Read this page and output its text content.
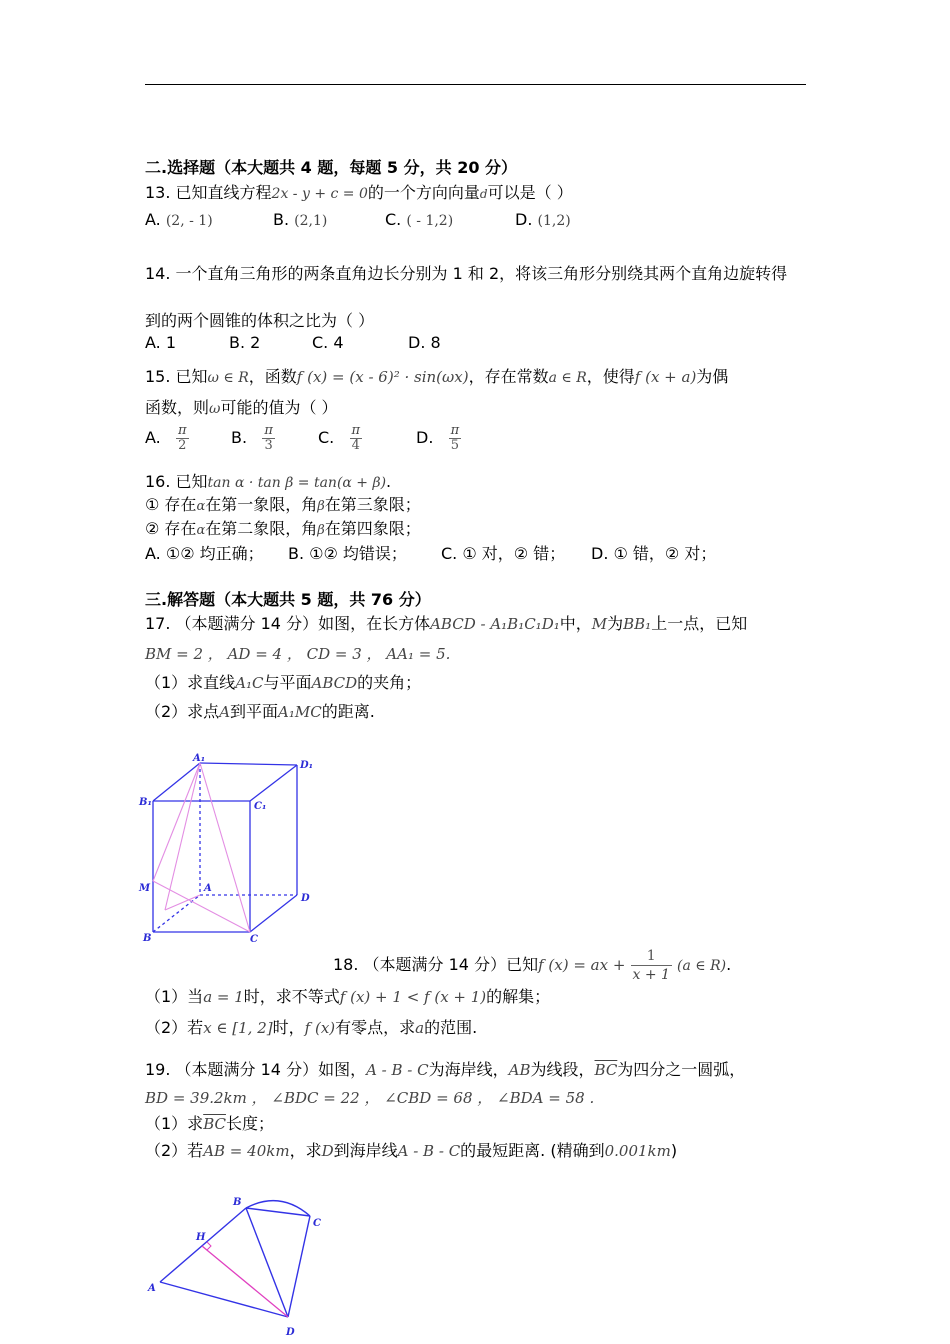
二.选择题（本大题共 4 题，每题 5 分，共 20 分）
13. 已知直线方程2x - y + c = 0的一个方向向量d可以是（ ）
A. (2, - 1)	B. (2,1)	C. ( - 1,2)	D. (1,2)
14. 一个直角三角形的两条直角边长分别为 1 和 2，将该三角形分别绕其两个直角边旋转得
到的两个圆锥的体积之比为（ ）
A. 1	B. 2	C. 4	D. 8
15. 已知ω ∈ R，函数f (x) = (x - 6)² · sin(ωx)，存在常数a ∈ R，使得f (x + a)为偶
函数，则ω可能的值为（ ）
A. $\frac{\pi}{2}$	B. $\frac{\pi}{3}$	C. $\frac{\pi}{4}$	D. $\frac{\pi}{5}$
16. 已知tan α · tan β = tan(α + β).
① 存在α在第一象限，角β在第三象限；
② 存在α在第二象限，角β在第四象限；
A. ①② 均正确； B. ①② 均错误； C. ① 对，② 错； D. ① 错，② 对；
三.解答题（本大题共 5 题，共 76 分）
17. （本题满分 14 分）如图，在长方体ABCD - A₁B₁C₁D₁中，M为BB₁上一点，已知
BM = 2 ， AD = 4 ， CD = 3 ， AA₁ = 5.
（1）求直线A₁C与平面ABCD的夹角；
（2）求点A到平面A₁MC的距离.
A₁
D₁
B₁	C₁
M	A
D
B	C
18. （本题满分 14 分）已知f (x) = ax + $\frac{1}{x + 1} (a$ ∈ R).
（1）当a = 1时，求不等式f (x) + 1 < f (x + 1)的解集；
（2）若x ∈ [1, 2]时，f (x)有零点，求a的范围.
19. （本题满分 14 分）如图，A - B - C为海岸线，AB为线段，$\overline{BC}$为四分之一圆弧，
BD = 39.2km ， ∠BDC = 22 ， ∠CBD = 68 ， ∠BDA = 58 .
（1）求$\overline{BC}$长度；
（2）若AB = 40km，求D到海岸线A - B - C的最短距离. (精确到0.001km)
A
B
C
H
D
